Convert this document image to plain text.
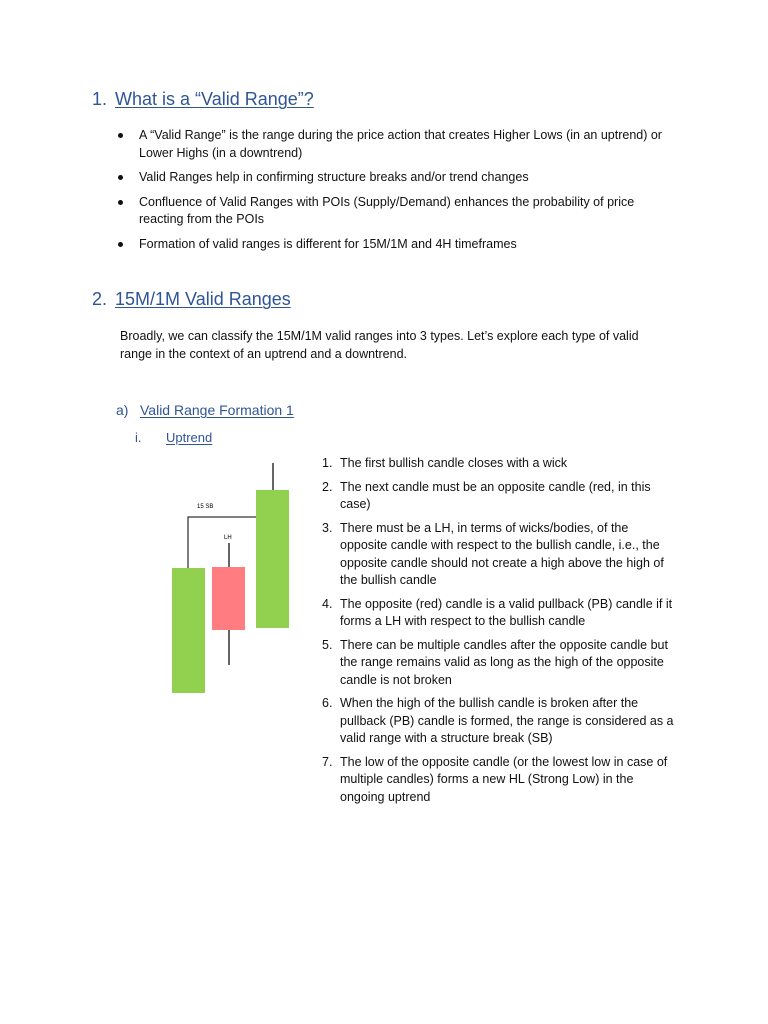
1. What is a “Valid Range”?
A “Valid Range” is the range during the price action that creates Higher Lows (in an uptrend) or Lower Highs (in a downtrend)
Valid Ranges help in confirming structure breaks and/or trend changes
Confluence of Valid Ranges with POIs (Supply/Demand) enhances the probability of price reacting from the POIs
Formation of valid ranges is different for 15M/1M and 4H timeframes
2. 15M/1M Valid Ranges
Broadly, we can classify the 15M/1M valid ranges into 3 types. Let’s explore each type of valid range in the context of an uptrend and a downtrend.
a) Valid Range Formation 1
i. Uptrend
15 SB
LH
1. The first bullish candle closes with a wick
2. The next candle must be an opposite candle (red, in this case)
3. There must be a LH, in terms of wicks/bodies, of the opposite candle with respect to the bullish candle, i.e., the opposite candle should not create a high above the high of the bullish candle
4. The opposite (red) candle is a valid pullback (PB) candle if it forms a LH with respect to the bullish candle
5. There can be multiple candles after the opposite candle but the range remains valid as long as the high of the opposite candle is not broken
6. When the high of the bullish candle is broken after the pullback (PB) candle is formed, the range is considered as a valid range with a structure break (SB)
7. The low of the opposite candle (or the lowest low in case of multiple candles) forms a new HL (Strong Low) in the ongoing uptrend
